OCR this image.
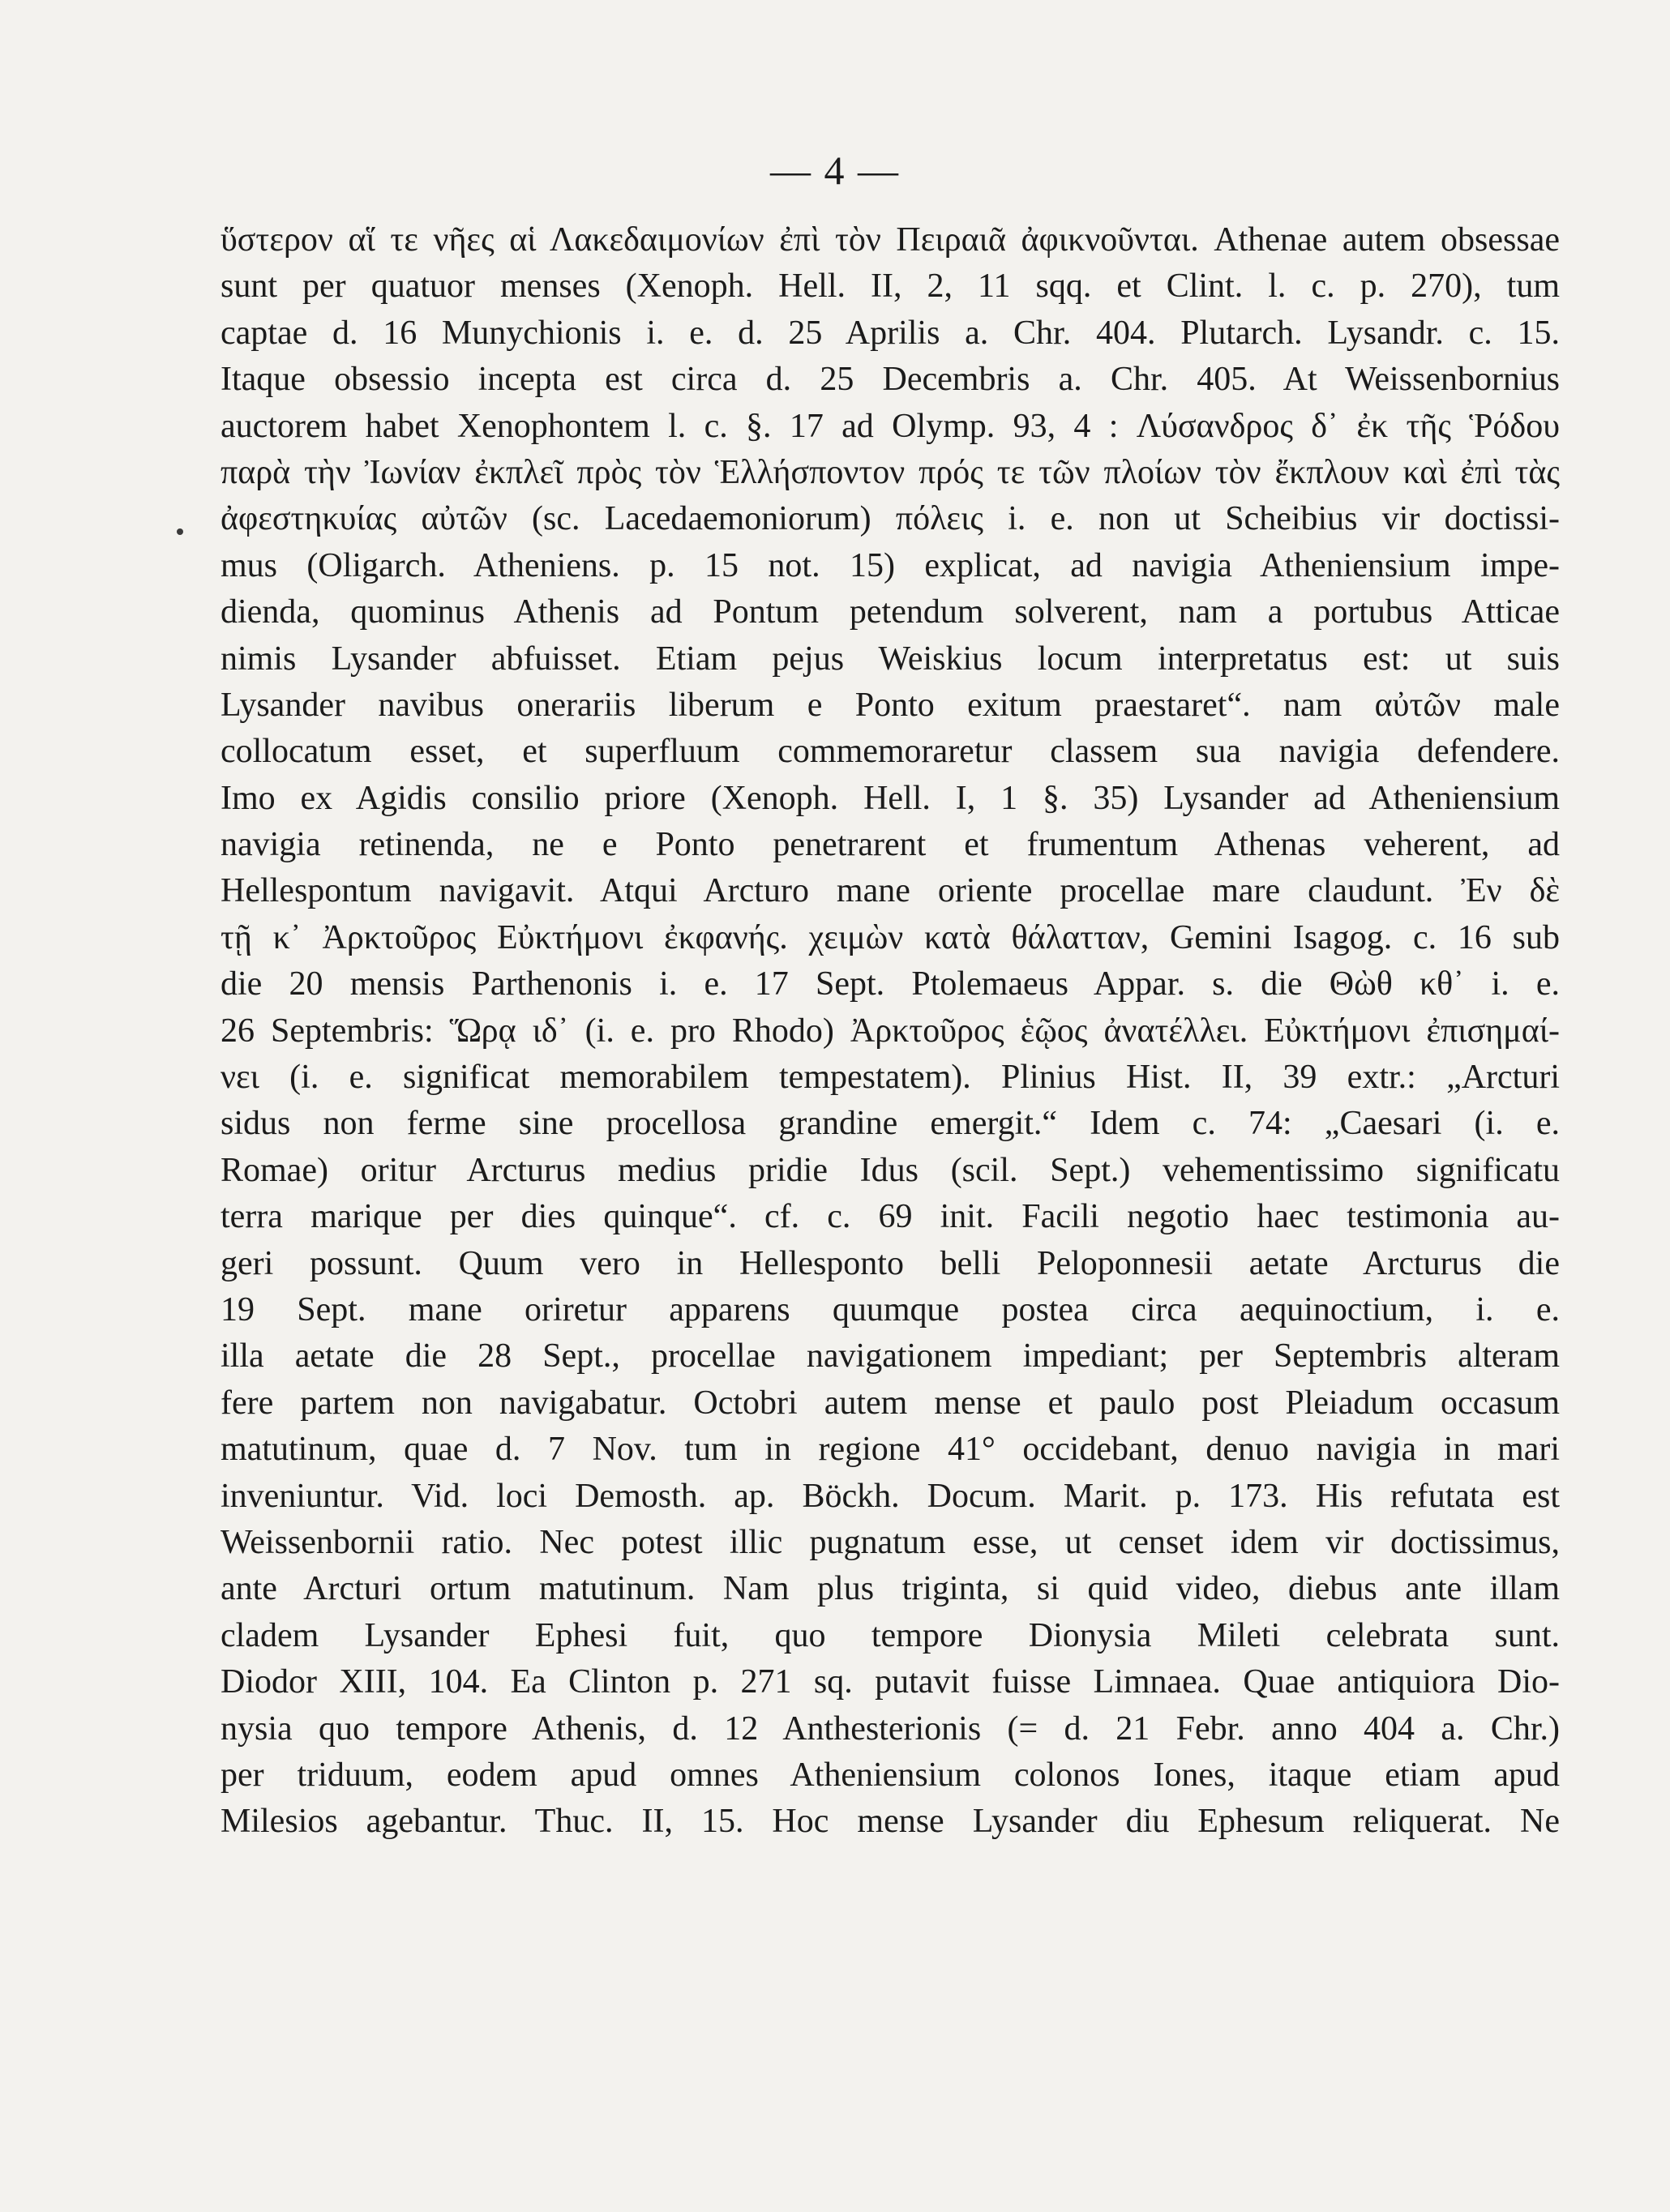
— 4 —
ὕστερον αἵ τε νῆες αἱ Λακεδαιμονίων ἐπὶ τὸν Πειραιᾶ ἀφικνοῦνται. Athenae autem obsessae
sunt per quatuor menses (Xenoph. Hell. II, 2, 11 sqq. et Clint. l. c. p. 270), tum
captae d. 16 Munychionis i. e. d. 25 Aprilis a. Chr. 404. Plutarch. Lysandr. c. 15.
Itaque obsessio incepta est circa d. 25 Decembris a. Chr. 405. At Weissenbornius
auctorem habet Xenophontem l. c. §. 17 ad Olymp. 93, 4 : Λύσανδρος δ᾽ ἐκ τῆς Ῥόδου
παρὰ τὴν Ἰωνίαν ἐκπλεῖ πρὸς τὸν Ἑλλήσποντον πρός τε τῶν πλοίων τὸν ἔκπλουν καὶ ἐπὶ τὰς
ἀφεστηκυίας αὐτῶν (sc. Lacedaemoniorum) πόλεις i. e. non ut Scheibius vir doctissi-
mus (Oligarch. Atheniens. p. 15 not. 15) explicat, ad navigia Atheniensium impe-
dienda, quominus Athenis ad Pontum petendum solverent, nam a portubus Atticae
nimis Lysander abfuisset. Etiam pejus Weiskius locum interpretatus est: ut suis
Lysander navibus onerariis liberum e Ponto exitum praestaret“. nam αὐτῶν male
collocatum esset, et superfluum commemoraretur classem sua navigia defendere.
Imo ex Agidis consilio priore (Xenoph. Hell. I, 1 §. 35) Lysander ad Atheniensium
navigia retinenda, ne e Ponto penetrarent et frumentum Athenas veherent, ad
Hellespontum navigavit. Atqui Arcturo mane oriente procellae mare claudunt. Ἐν δὲ
τῇ κ᾽ Ἀρκτοῦρος Εὐκτήμονι ἐκφανής. χειμὼν κατὰ θάλατταν, Gemini Isagog. c. 16 sub
die 20 mensis Parthenonis i. e. 17 Sept. Ptolemaeus Appar. s. die Θὼθ κθ᾽ i. e.
26 Septembris: Ὥρᾳ ιδ᾽ (i. e. pro Rhodo) Ἀρκτοῦρος ἑῷος ἀνατέλλει. Εὐκτήμονι ἐπισημαί-
νει (i. e. significat memorabilem tempestatem). Plinius Hist. II, 39 extr.: „Arcturi
sidus non ferme sine procellosa grandine emergit.“ Idem c. 74: „Caesari (i. e.
Romae) oritur Arcturus medius pridie Idus (scil. Sept.) vehementissimo significatu
terra marique per dies quinque“. cf. c. 69 init. Facili negotio haec testimonia au-
geri possunt. Quum vero in Hellesponto belli Peloponnesii aetate Arcturus die
19 Sept. mane oriretur apparens quumque postea circa aequinoctium, i. e.
illa aetate die 28 Sept., procellae navigationem impediant; per Septembris alteram
fere partem non navigabatur. Octobri autem mense et paulo post Pleiadum occasum
matutinum, quae d. 7 Nov. tum in regione 41° occidebant, denuo navigia in mari
inveniuntur. Vid. loci Demosth. ap. Böckh. Docum. Marit. p. 173. His refutata est
Weissenbornii ratio. Nec potest illic pugnatum esse, ut censet idem vir doctissimus,
ante Arcturi ortum matutinum. Nam plus triginta, si quid video, diebus ante illam
cladem Lysander Ephesi fuit, quo tempore Dionysia Mileti celebrata sunt.
Diodor XIII, 104. Ea Clinton p. 271 sq. putavit fuisse Limnaea. Quae antiquiora Dio-
nysia quo tempore Athenis, d. 12 Anthesterionis (= d. 21 Febr. anno 404 a. Chr.)
per triduum, eodem apud omnes Atheniensium colonos Iones, itaque etiam apud
Milesios agebantur. Thuc. II, 15. Hoc mense Lysander diu Ephesum reliquerat. Ne
